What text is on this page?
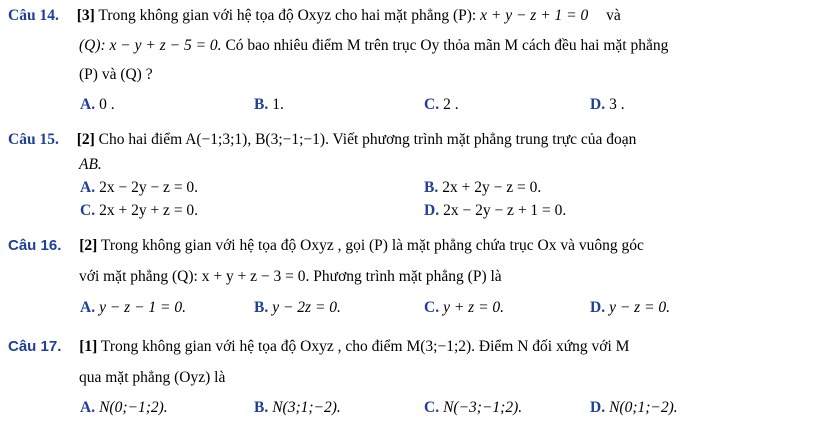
Câu 14. [3] Trong không gian với hệ tọa độ Oxyz cho hai mặt phẳng (P): x + y − z + 1 = 0 và
(Q): x − y + z − 5 = 0. Có bao nhiêu điểm M trên trục Oy thỏa mãn M cách đều hai mặt phẳng
(P) và (Q) ?
A. 0 .	B. 1.	C. 2 .	D. 3 .
Câu 15. [2] Cho hai điểm A(−1;3;1), B(3;−1;−1). Viết phương trình mặt phẳng trung trực của đoạn
AB.
A. 2x − 2y − z = 0.	B. 2x + 2y − z = 0.
C. 2x + 2y + z = 0.	D. 2x − 2y − z + 1 = 0.
Câu 16. [2] Trong không gian với hệ tọa độ Oxyz , gọi (P) là mặt phẳng chứa trục Ox và vuông góc
với mặt phẳng (Q): x + y + z − 3 = 0. Phương trình mặt phẳng (P) là
A. y − z − 1 = 0.	B. y − 2z = 0.	C. y + z = 0.	D. y − z = 0.
Câu 17. [1] Trong không gian với hệ tọa độ Oxyz , cho điểm M(3;−1;2). Điểm N đối xứng với M
qua mặt phẳng (Oyz) là
A. N(0;−1;2).	B. N(3;1;−2).	C. N(−3;−1;2).	D. N(0;1;−2).
